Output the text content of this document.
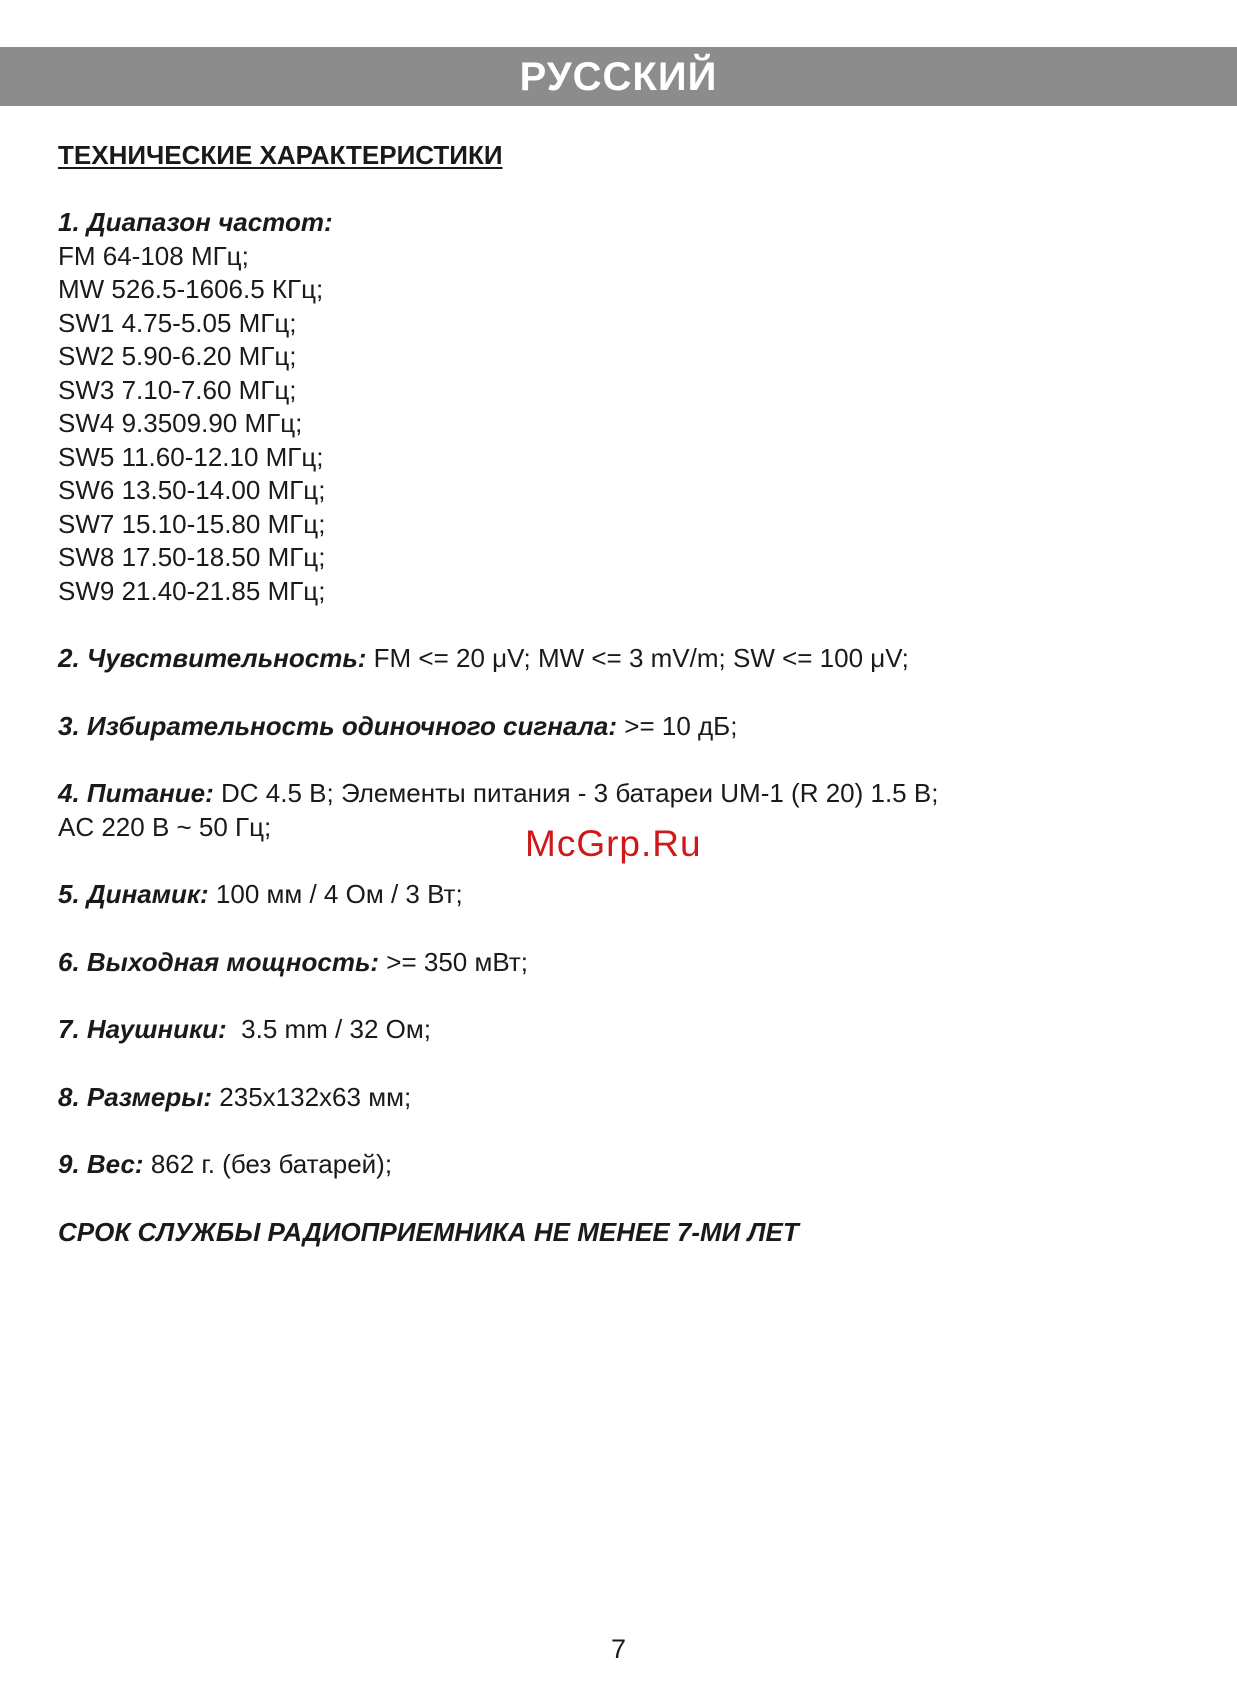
РУССКИЙ
ТЕХНИЧЕСКИЕ ХАРАКТЕРИСТИКИ
1. Диапазон частот:
FM 64-108 МГц;
MW 526.5-1606.5 КГц;
SW1 4.75-5.05 МГц;
SW2 5.90-6.20 МГц;
SW3 7.10-7.60 МГц;
SW4 9.3509.90 МГц;
SW5 11.60-12.10 МГц;
SW6 13.50-14.00 МГц;
SW7 15.10-15.80 МГц;
SW8 17.50-18.50 МГц;
SW9 21.40-21.85 МГц;

2. Чувствительность: FM <= 20 μV; MW <= 3 mV/m; SW <= 100 μV;

3. Избирательность одиночного сигнала: >= 10 дБ;

4. Питание: DC 4.5 В; Элементы питания - 3 батареи UM-1 (R 20) 1.5 В;

AC 220 В ~ 50 Гц;

5. Динамик: 100 мм / 4 Ом / 3 Вт;

6. Выходная мощность: >= 350 мВт;

7. Наушники:  3.5 mm / 32 Ом;

8. Размеры: 235x132x63 мм;

9. Вес: 862 г. (без батарей);

СРОК СЛУЖБЫ РАДИОПРИЕМНИКА НЕ МЕНЕЕ 7-МИ ЛЕТ
McGrp.Ru
7
